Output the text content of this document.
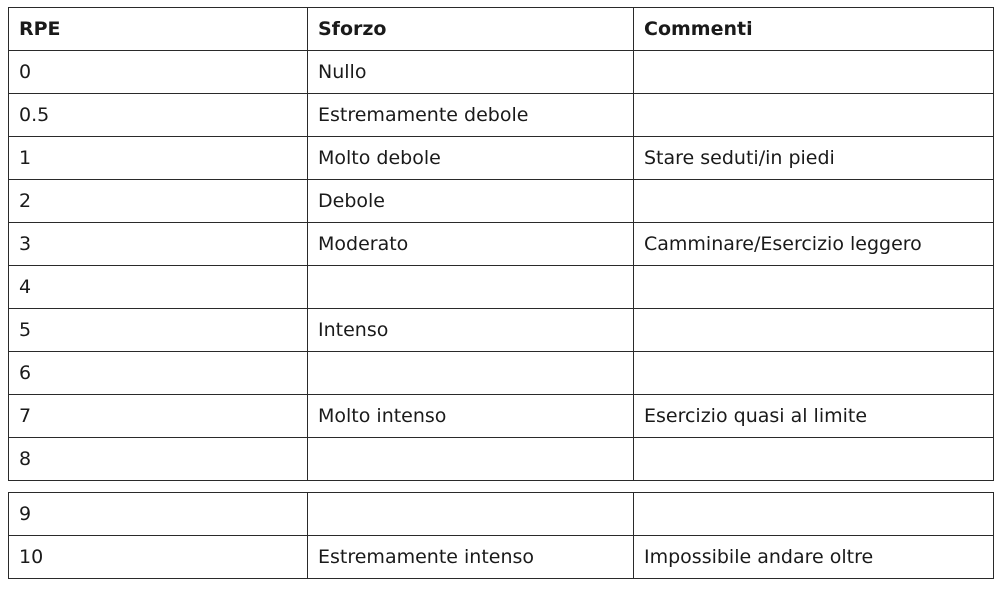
RPE	Sforzo	Commenti
0	Nullo	
0.5	Estremamente debole	
1	Molto debole	Stare seduti/in piedi
2	Debole	
3	Moderato	Camminare/Esercizio leggero
4		
5	Intenso	
6		
7	Molto intenso	Esercizio quasi al limite
8		
9		
10	Estremamente intenso	Impossibile andare oltre
